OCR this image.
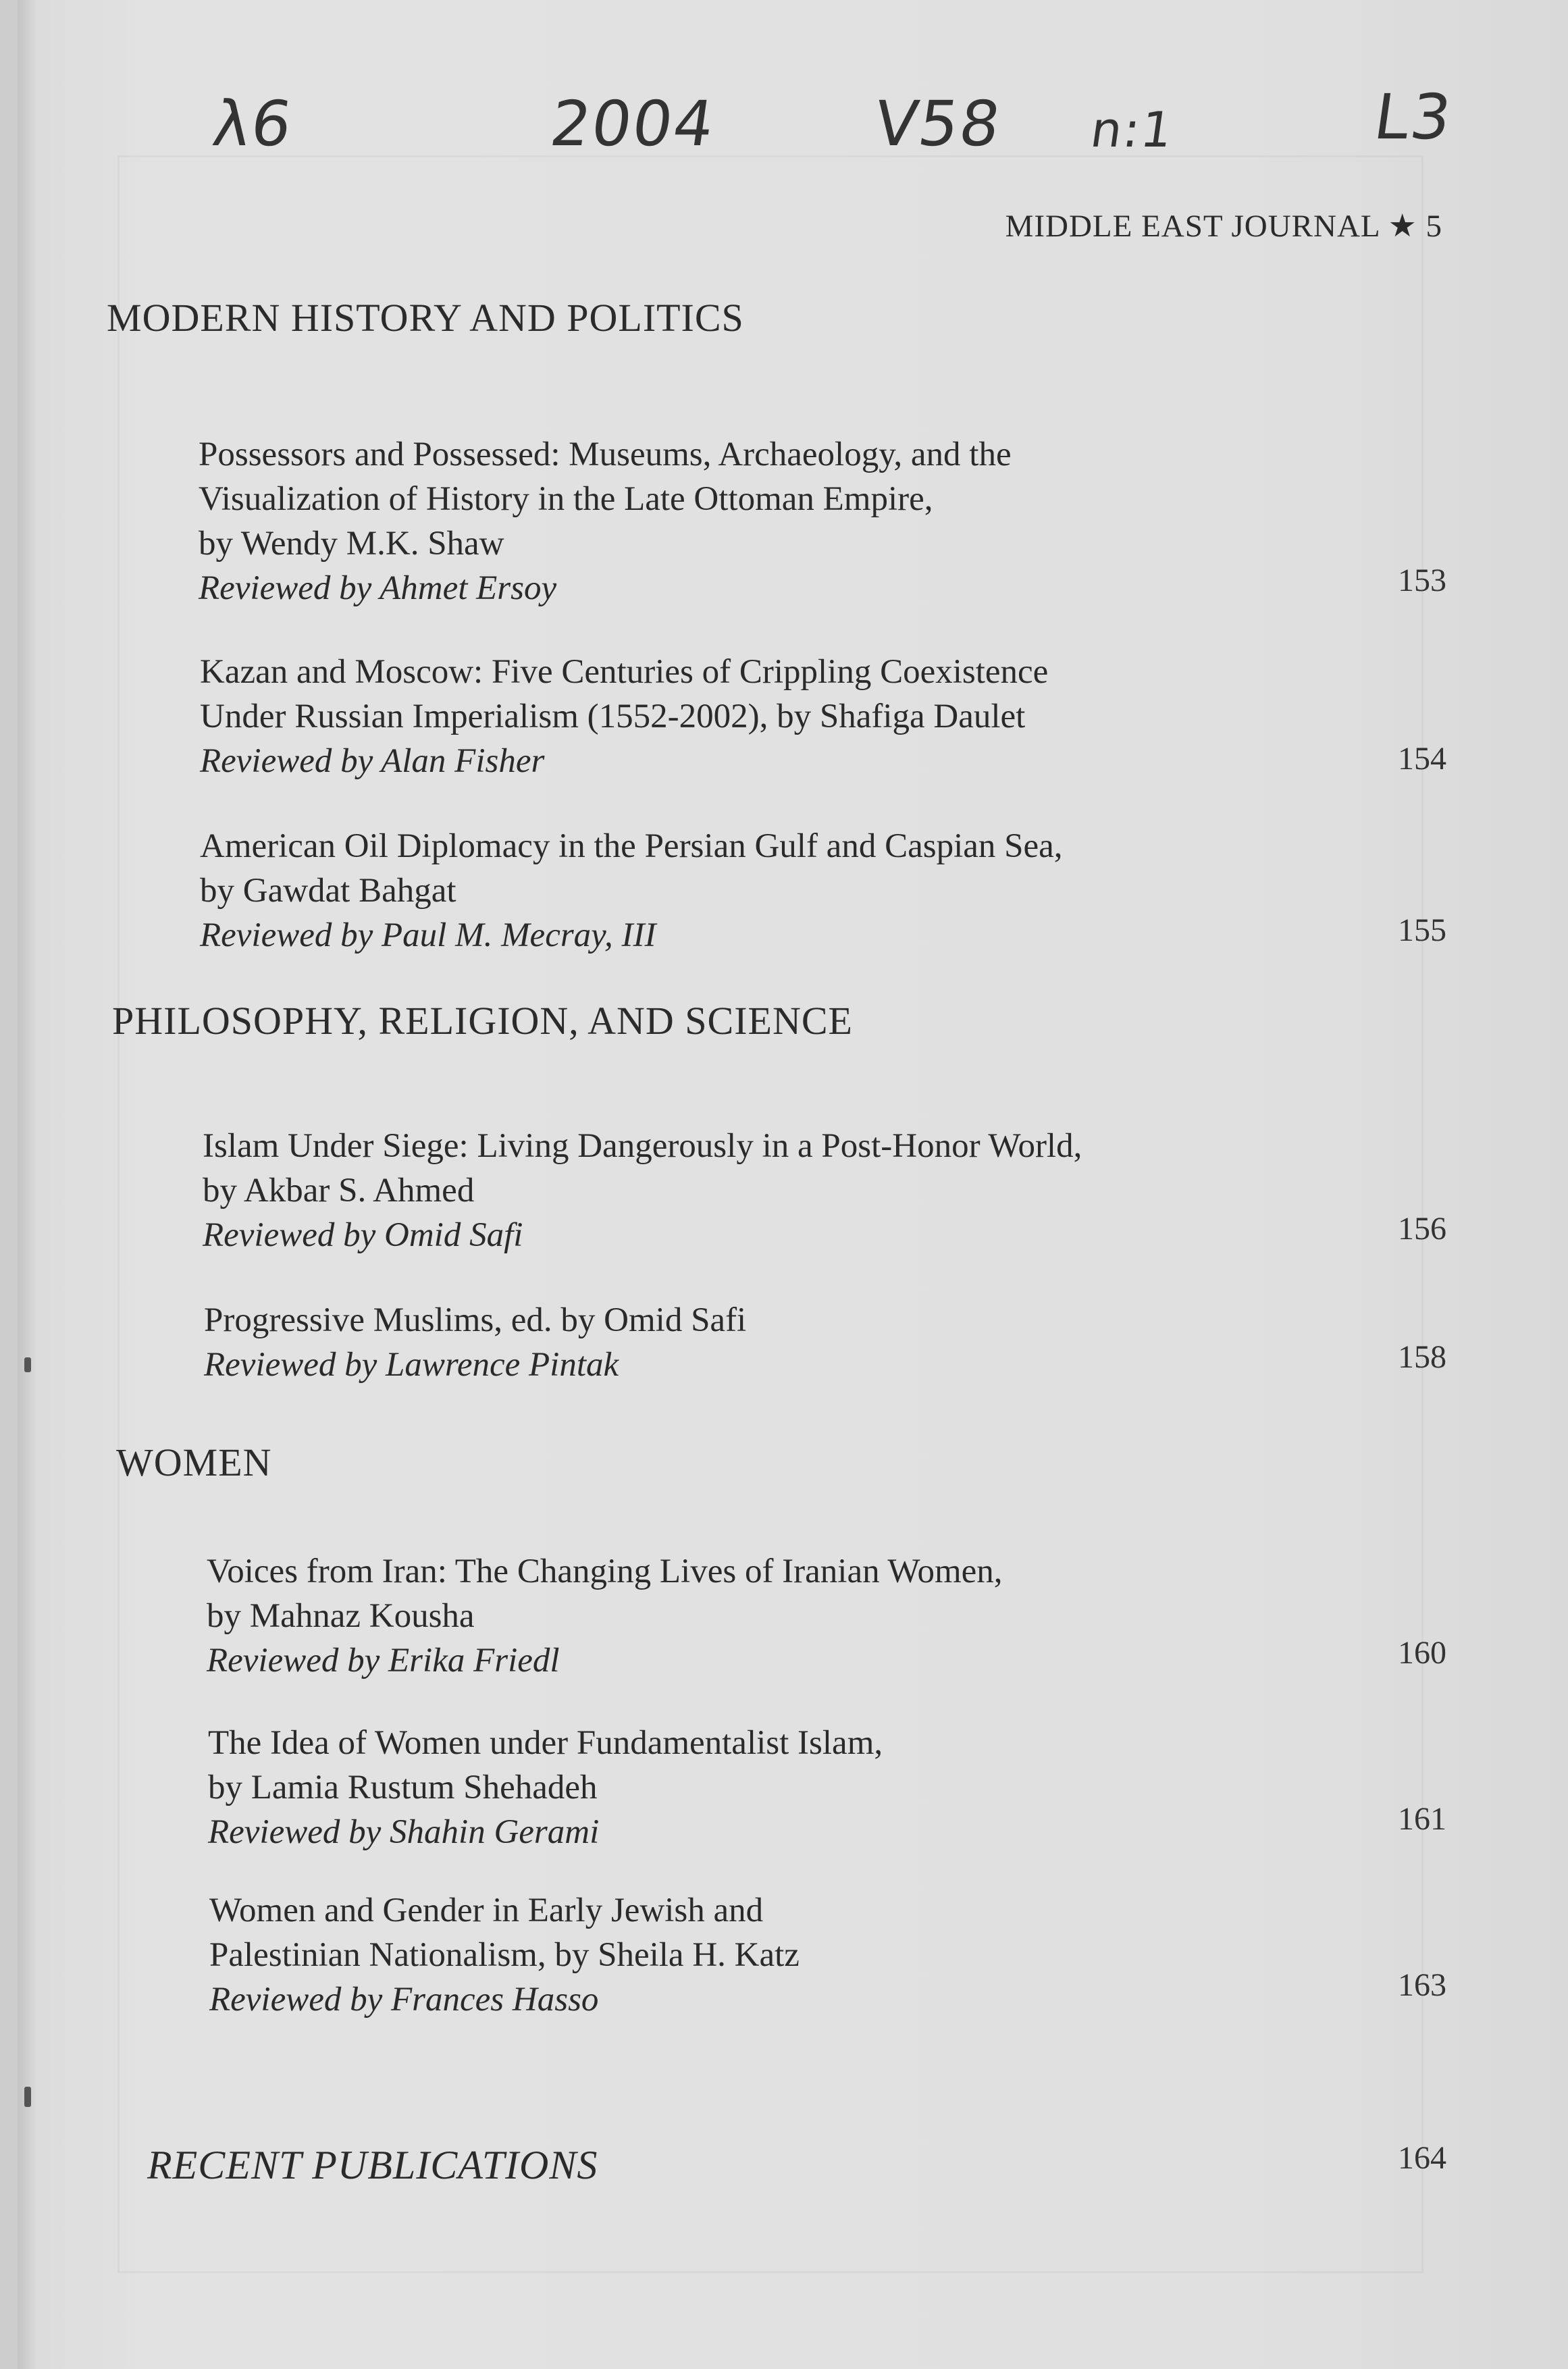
λ6	2004 V58 n:1	L3
MIDDLE EAST JOURNAL ★ 5
MODERN HISTORY AND POLITICS
Possessors and Possessed: Museums, Archaeology, and the
Visualization of History in the Late Ottoman Empire,
by Wendy M.K. Shaw
Reviewed by Ahmet Ersoy	153
Kazan and Moscow: Five Centuries of Crippling Coexistence
Under Russian Imperialism (1552-2002), by Shafiga Daulet
Reviewed by Alan Fisher	154
American Oil Diplomacy in the Persian Gulf and Caspian Sea,
by Gawdat Bahgat
Reviewed by Paul M. Mecray, III	155
PHILOSOPHY, RELIGION, AND SCIENCE
Islam Under Siege: Living Dangerously in a Post-Honor World,
by Akbar S. Ahmed
Reviewed by Omid Safi	156
Progressive Muslims, ed. by Omid Safi
Reviewed by Lawrence Pintak	158
WOMEN
Voices from Iran: The Changing Lives of Iranian Women,
by Mahnaz Kousha
Reviewed by Erika Friedl	160
The Idea of Women under Fundamentalist Islam,
by Lamia Rustum Shehadeh
Reviewed by Shahin Gerami	161
Women and Gender in Early Jewish and
Palestinian Nationalism, by Sheila H. Katz
Reviewed by Frances Hasso	163
RECENT PUBLICATIONS	164
